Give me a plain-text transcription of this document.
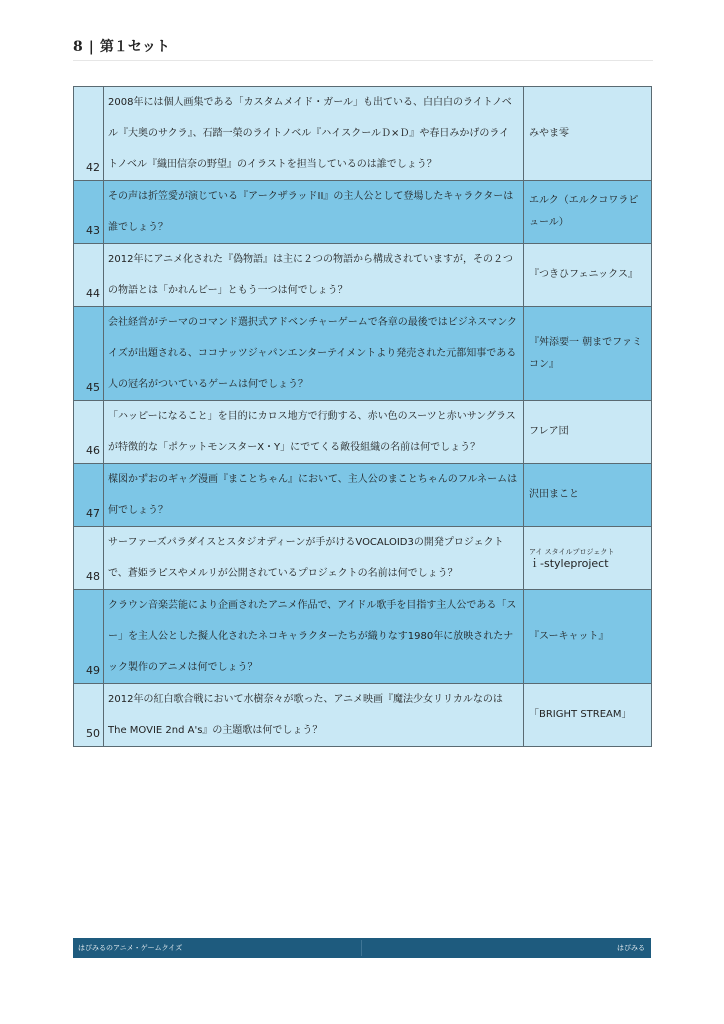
8 | 第１セット
42	2008年には個人画集である「カスタムメイド・ガール」も出ている、白白白のライトノベル『大奥のサクラ』、石踏一榮のライトノベル『ハイスクールＤ×Ｄ』や春日みかげのライトノベル『織田信奈の野望』のイラストを担当しているのは誰でしょう？	みやま零
43	その声は折笠愛が演じている『アークザラッドII』の主人公として登場したキャラクターは誰でしょう？	エルク（エルクコワラピュール）
44	2012年にアニメ化された『偽物語』は主に２つの物語から構成されていますが，その２つの物語とは「かれんビー」ともう一つは何でしょう？	『つきひフェニックス』
45	会社経営がテーマのコマンド選択式アドベンチャーゲームで各章の最後ではビジネスマンクイズが出題される、ココナッツジャパンエンターテイメントより発売された元都知事である人の冠名がついているゲームは何でしょう？	『舛添要一 朝までファミコン』
46	「ハッピーになること」を目的にカロス地方で行動する、赤い色のスーツと赤いサングラスが特徴的な「ポケットモンスターX・Y」にでてくる敵役組織の名前は何でしょう？	フレア団
47	楳図かずおのギャグ漫画『まことちゃん』において、主人公のまことちゃんのフルネームは何でしょう？	沢田まこと
48	サーファーズパラダイスとスタジオディーンが手がけるVOCALOID3の開発プロジェクトで、蒼姫ラピスやメルリが公開されているプロジェクトの名前は何でしょう？	アイ スタイルプロジェクト
ｉ-styleproject

49	クラウン音楽芸能により企画されたアニメ作品で、アイドル歌手を目指す主人公である「スー」を主人公とした擬人化されたネコキャラクターたちが織りなす1980年に放映されたナック製作のアニメは何でしょう？	『スーキャット』
50	2012年の紅白歌合戦において水樹奈々が歌った、アニメ映画『魔法少女リリカルなのはThe MOVIE 2nd A's』の主題歌は何でしょう？	「BRIGHT STREAM」
はぴみるのアニメ・ゲームクイズ	はぴみる
